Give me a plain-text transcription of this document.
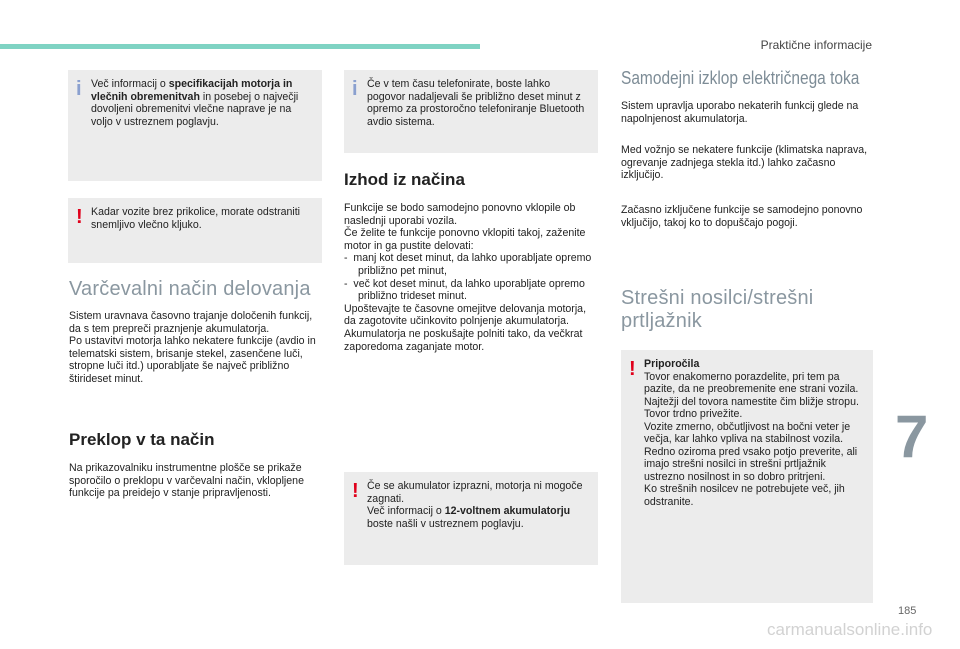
Praktične informacije
i Več informacij o specifikacijah motorja in vlečnih obremenitvah in posebej o največji dovoljeni obremenitvi vlečne naprave je na voljo v ustreznem poglavju.

! Kadar vozite brez prikolice, morate odstraniti snemljivo vlečno kljuko.

Varčevalni način delovanja

Sistem uravnava časovno trajanje določenih funkcij, da s tem prepreči praznjenje akumulatorja.
Po ustavitvi motorja lahko nekatere funkcije (avdio in telematski sistem, brisanje stekel, zasenčene luči, stropne luči itd.) uporabljate še največ približno štirideset minut.

Preklop v ta način

Na prikazovalniku instrumentne plošče se prikaže sporočilo o preklopu v varčevalni način, vklopljene funkcije pa preidejo v stanje pripravljenosti.

i Če v tem času telefonirate, boste lahko pogovor nadaljevali še približno deset minut z opremo za prostoročno telefoniranje Bluetooth avdio sistema.

Izhod iz načina
Funkcije se bodo samodejno ponovno vklopile ob naslednji uporabi vozila.
Če želite te funkcije ponovno vklopiti takoj, zaženite motor in ga pustite delovati:
-  manj kot deset minut, da lahko uporabljate opremo približno pet minut,
-  več kot deset minut, da lahko uporabljate opremo približno trideset minut.
Upoštevajte te časovne omejitve delovanja motorja, da zagotovite učinkovito polnjenje akumulatorja.
Akumulatorja ne poskušajte polniti tako, da večkrat zaporedoma zaganjate motor.
! Če se akumulator izprazni, motorja ni mogoče zagnati.
Več informacij o 12-voltnem akumulatorju boste našli v ustreznem poglavju.

Samodejni izklop električnega toka

Sistem upravlja uporabo nekaterih funkcij glede na napolnjenost akumulatorja.

Med vožnjo se nekatere funkcije (klimatska naprava, ogrevanje zadnjega stekla itd.) lahko začasno izključijo.

Začasno izključene funkcije se samodejno ponovno vključijo, takoj ko to dopuščajo pogoji.

Strešni nosilci/strešni
prtljažnik
! Priporočila
Tovor enakomerno porazdelite, pri tem pa pazite, da ne preobremenite ene strani vozila.
Najtežji del tovora namestite čim bližje stropu.
Tovor trdno privežite.
Vozite zmerno, občutljivost na bočni veter je večja, kar lahko vpliva na stabilnost vozila.
Redno oziroma pred vsako potjo preverite, ali imajo strešni nosilci in strešni prtljažnik ustrezno nosilnost in so dobro pritrjeni.
Ko strešnih nosilcev ne potrebujete več, jih odstranite.

7
185
carmanualsonline.info
